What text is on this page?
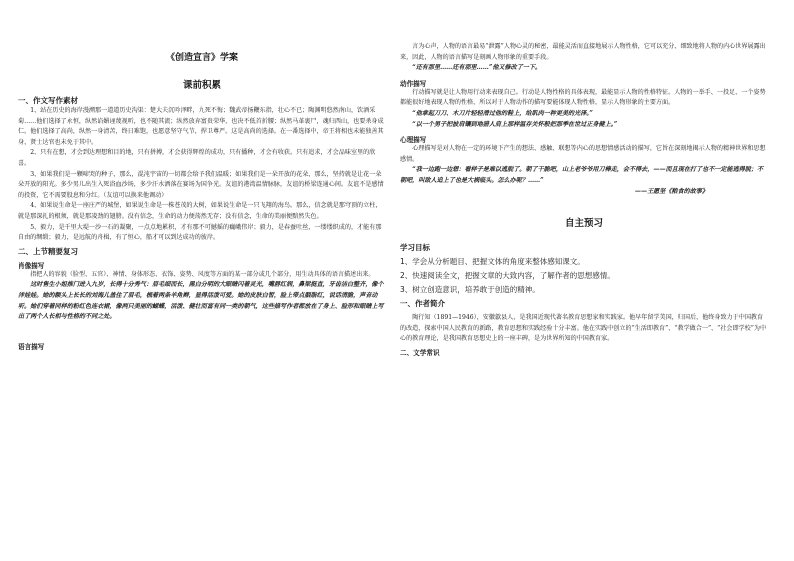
《创造宣言》学案
课前积累
一、作文写作素材

1、站在历史的海岸漫溯那一道道历史沟渠：楚大夫沉吟泽畔，九死不悔；魏武帝扬鞭东指，壮心不已；陶渊明悠然南山，饮酒采菊……他们选择了永恒，纵然谄媚诬蔑视听，也不随其流；纵然放弃富贵荣华，也决不低首折腰；纵然马革裹尸，魂归西山，也要杀身成仁。他们选择了高尚，纵然一身清苦，终日难饱，也愿意坚守气节，捍卫尊严。这是高尚的选择。在一番选择中，帝王将相也未能独善其身，贤士达官也未免于其中。

2、只有在想，才会到达理想和目的地，只有拼搏，才会获得辉煌的成功，只有播种，才会有收获。只有追求，才会品味室里的欣喜。

3、如果我们是一颗啼哭的种子，那么，混沌宇宙的一切都会给予我们温暖；如果我们是一朵开放的花朵，那么，坚持就是让花一朵朵开放的阳光。多少男儿出生入死浴血沙场，多少汗水洒落在赛场为国争光。友谊的港湾温情脉脉，友谊的桥梁连通心间。友谊不是感情的投资，它不需要股息和分红。（友谊可以换来他调动）

4、如果说生命是一座庄严的城堡，如果说生命是一株苍茂的大树，如果说生命是一只飞翔的海鸟。那么，信念就是那穹顶的立柱，就是那深扎的根须，就是那凌劲的翅膀。没有信念，生命的动力便荡然无存；没有信念，生命的美丽便黯然失色。

5、毅力，是千里大堤一沙一石的凝聚，一点点地累积，才有那不可撼摇的巍峨伟岸；毅力，是春蚕吐丝，一缕缕织成的，才能有那自由的绸缎；毅力，是远航的舟楫，有了恒心，船才可以到达成功的彼岸。

二、上节精要复习
肖像描写

指把人的容貌（脸型、五官）、神情、身体形态、衣饰、姿势、风度等方面的某一部分或几个部分，用生动具体的语言描述出来。

这时售生小姐推门进入九岁，长得十分秀气：眉毛细而长，黑白分明的大眼睛闪着灵光，嘴唇红润，鼻梁挺直，牙齿洁白整齐，像个洋娃娃。她的额头上长长的刘海儿盖住了眉毛，梳着两条羊角辫，显得活泼可爱。她的皮肤白皙，脸上带点胭脂红，说话清脆，声音动听。她们穿着同样的粉红色连衣裙，像两只美丽的蝴蝶，活泼、健壮而富有同一类的朝气，这些描写作者都放在了身上、脸形和眼睛上写出了两个人长相与性格的不同之处。

语言描写

言为心声，人物的语言最易“泄露”人物心灵的秘密，最能灵活而直接地展示人物性格，它可以充分、细致地将人物的内心世界展露出来，因此，人物的语言描写是刻画人物形象的重要手段。

“还有那里……还有那里……”他又修改了一下。

动作描写

行动描写就是让人物用行动来表现自己。行动是人物性格的具体表现，最能显示人物的性格特征。人物的一举手、一投足、一个姿势都能很好地表现人物的性格，所以对于人物动作的描写要能体现人物性格，显示人物形象的主要方面。

“他拿起刀刀、木刀片轻轻滑过他的鞋上，给肌肉一种更美的光泽。”

“以一个男子把披肩镶到地猎人肩上那样温存关怀般把那季在世过正身健上。”

心理描写

心理描写是对人物在一定的环境下产生的想法、感触、联想等内心的思想情感活动的描写，它旨在深刻地揭示人物的精神世界和思想感情。

“我一边跑一边想：看样子是难以逃脱了。朝了干脆吧，山上老爷爷用刀棒走，会不得去，——而且现在打了也不一定能逃得脱；不朝吧，叫敌人追上了也是大祸临头。怎么办呢？……”

——王愿坚《粮食的故事》

自主预习
学习目标
1、学会从分析题目、把握文体的角度来整体感知课文。
2、快速阅读全文，把握文章的大致内容，了解作者的思想感情。
3、树立创造意识，培养敢于创造的精神。
一、作者简介

陶行知（1891—1946），安徽歙县人，是我国近现代著名教育思想家和实践家。他早年留学美国，归国后，他终身致力于中国教育的改造，探索中国人民教育的新路，教育思想和实践经验十分丰富。他在实践中创立的“生活即教育”、“教学做合一”、“社会即学校”为中心的教育理论，是我国教育思想史上的一座丰碑，是为世界所知的中国教育家。

二、文学常识
